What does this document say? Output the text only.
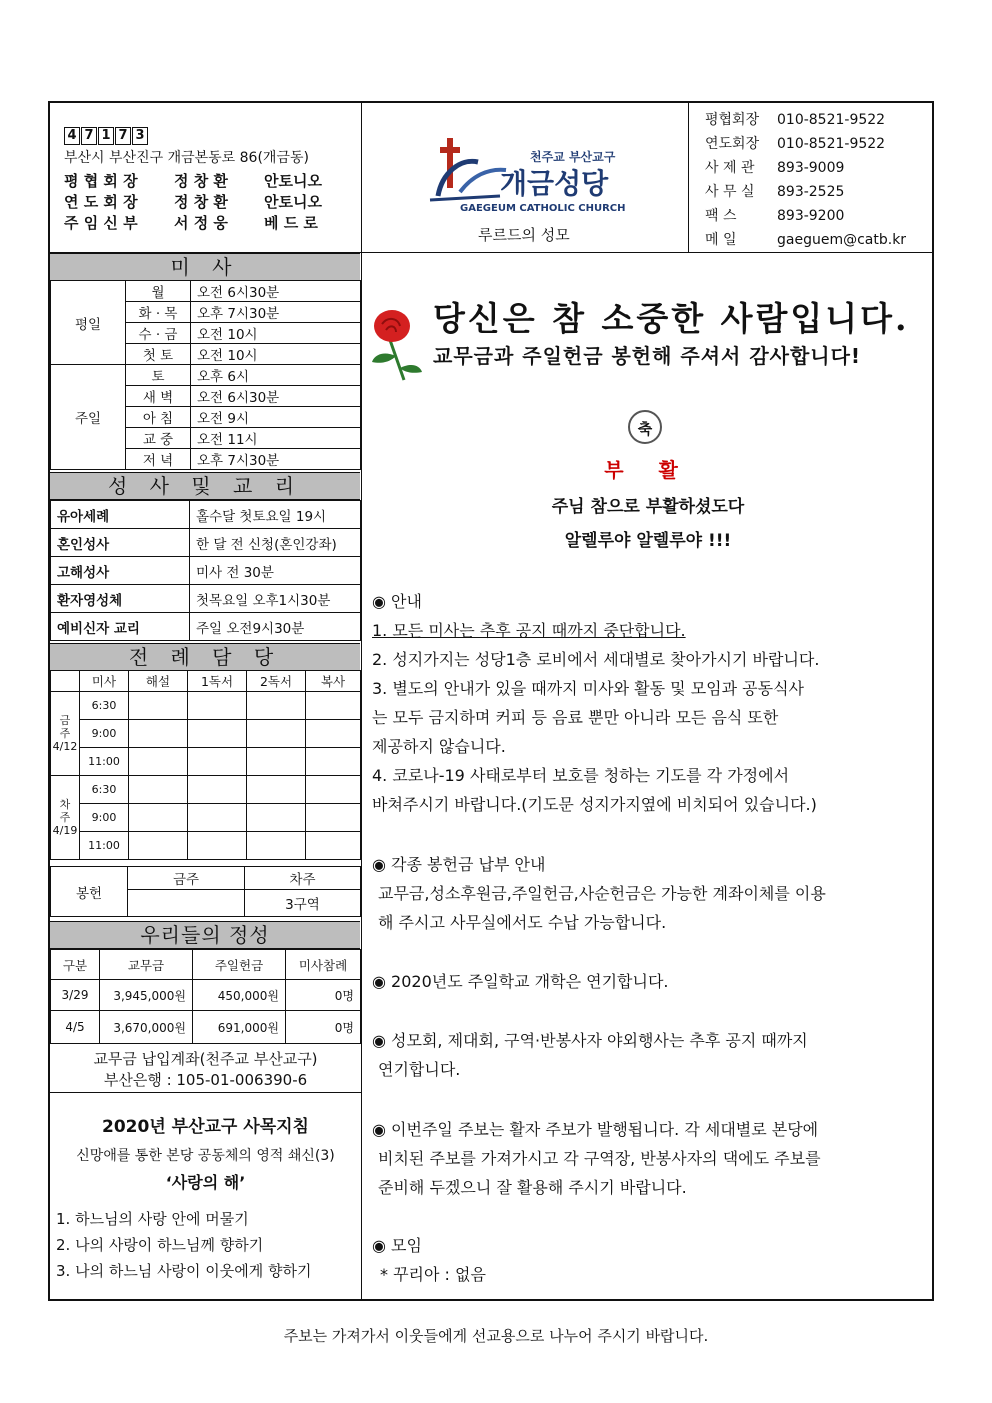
4 7 1 7 3
부산시 부산진구 개금본동로 86(개금동)
평 협 회 장 정 창 환 안토니오
연 도 회 장 정 창 환 안토니오
주 임 신 부 서 정 웅 베 드 로
천주교 부산교구
개금성당
GAEGEUM CATHOLIC CHURCH
루르드의 성모
평협회장 010-8521-9522
연도회장 010-8521-9522
사 제 관 893-9009
사 무 실 893-2525
팩 스	893-9200
메 일	gaeguem@catb.kr
미 사
평일	월	오전 6시30분
	화 · 목	오후 7시30분
	수 · 금	오전 10시
	첫 토	오전 10시
주일	토	오후 6시
	새 벽	오전 6시30분
	아 침	오전 9시
	교 중	오전 11시
	저 녁	오후 7시30분
성 사 및 교 리
유아세례	홀수달 첫토요일 19시
혼인성사	한 달 전 신청(혼인강좌)
고해성사	미사 전 30분
환자영성체	첫목요일 오후1시30분
예비신자 교리	주일 오전9시30분
전 례 담 당
	미사	해설	1독서	2독서	복사
금
주
4/12	6:30				
	9:00				
	11:00				
차
주
4/19	6:30				
	9:00				
	11:00				
봉헌	금주	차주
		3구역
우리들의 정성
구분	교무금	주일헌금	미사참례
3/29	3,945,000원	450,000원	0명
4/5	3,670,000원	691,000원	0명
교무금 납입계좌(천주교 부산교구)
부산은행 : 105-01-006390-6
2020년 부산교구 사목지침
신망애를 통한 본당 공동체의 영적 쇄신(3)
‘사랑의 해’
1. 하느님의 사랑 안에 머물기
2. 나의 사랑이 하느님께 향하기
3. 나의 하느님 사랑이 이웃에게 향하기
당신은 참 소중한 사람입니다.
교무금과 주일헌금 봉헌해 주셔서 감사합니다!
축
부 활
주님 참으로 부활하셨도다
알렐루야 알렐루야 !!!
◉ 안내
1. 모든 미사는 추후 공지 때까지 중단합니다.
2. 성지가지는 성당1층 로비에서 세대별로 찾아가시기 바랍니다.
3. 별도의 안내가 있을 때까지 미사와 활동 및 모임과 공동식사
는 모두 금지하며 커피 등 음료 뿐만 아니라 모든 음식 또한
제공하지 않습니다.
4. 코로나-19 사태로부터 보호를 청하는 기도를 각 가정에서
바쳐주시기 바랍니다.(기도문 성지가지옆에 비치되어 있습니다.)
◉ 각종 봉헌금 납부 안내
교무금,성소후원금,주일헌금,사순헌금은 가능한 계좌이체를 이용
해 주시고 사무실에서도 수납 가능합니다.
◉ 2020년도 주일학교 개학은 연기합니다.
◉ 성모회, 제대회, 구역·반봉사자 야외행사는 추후 공지 때까지
연기합니다.
◉ 이번주일 주보는 활자 주보가 발행됩니다. 각 세대별로 본당에
비치된 주보를 가져가시고 각 구역장, 반봉사자의 댁에도 주보를
준비해 두겠으니 잘 활용해 주시기 바랍니다.
◉ 모임
* 꾸리아 : 없음
주보는 가져가서 이웃들에게 선교용으로 나누어 주시기 바랍니다.
